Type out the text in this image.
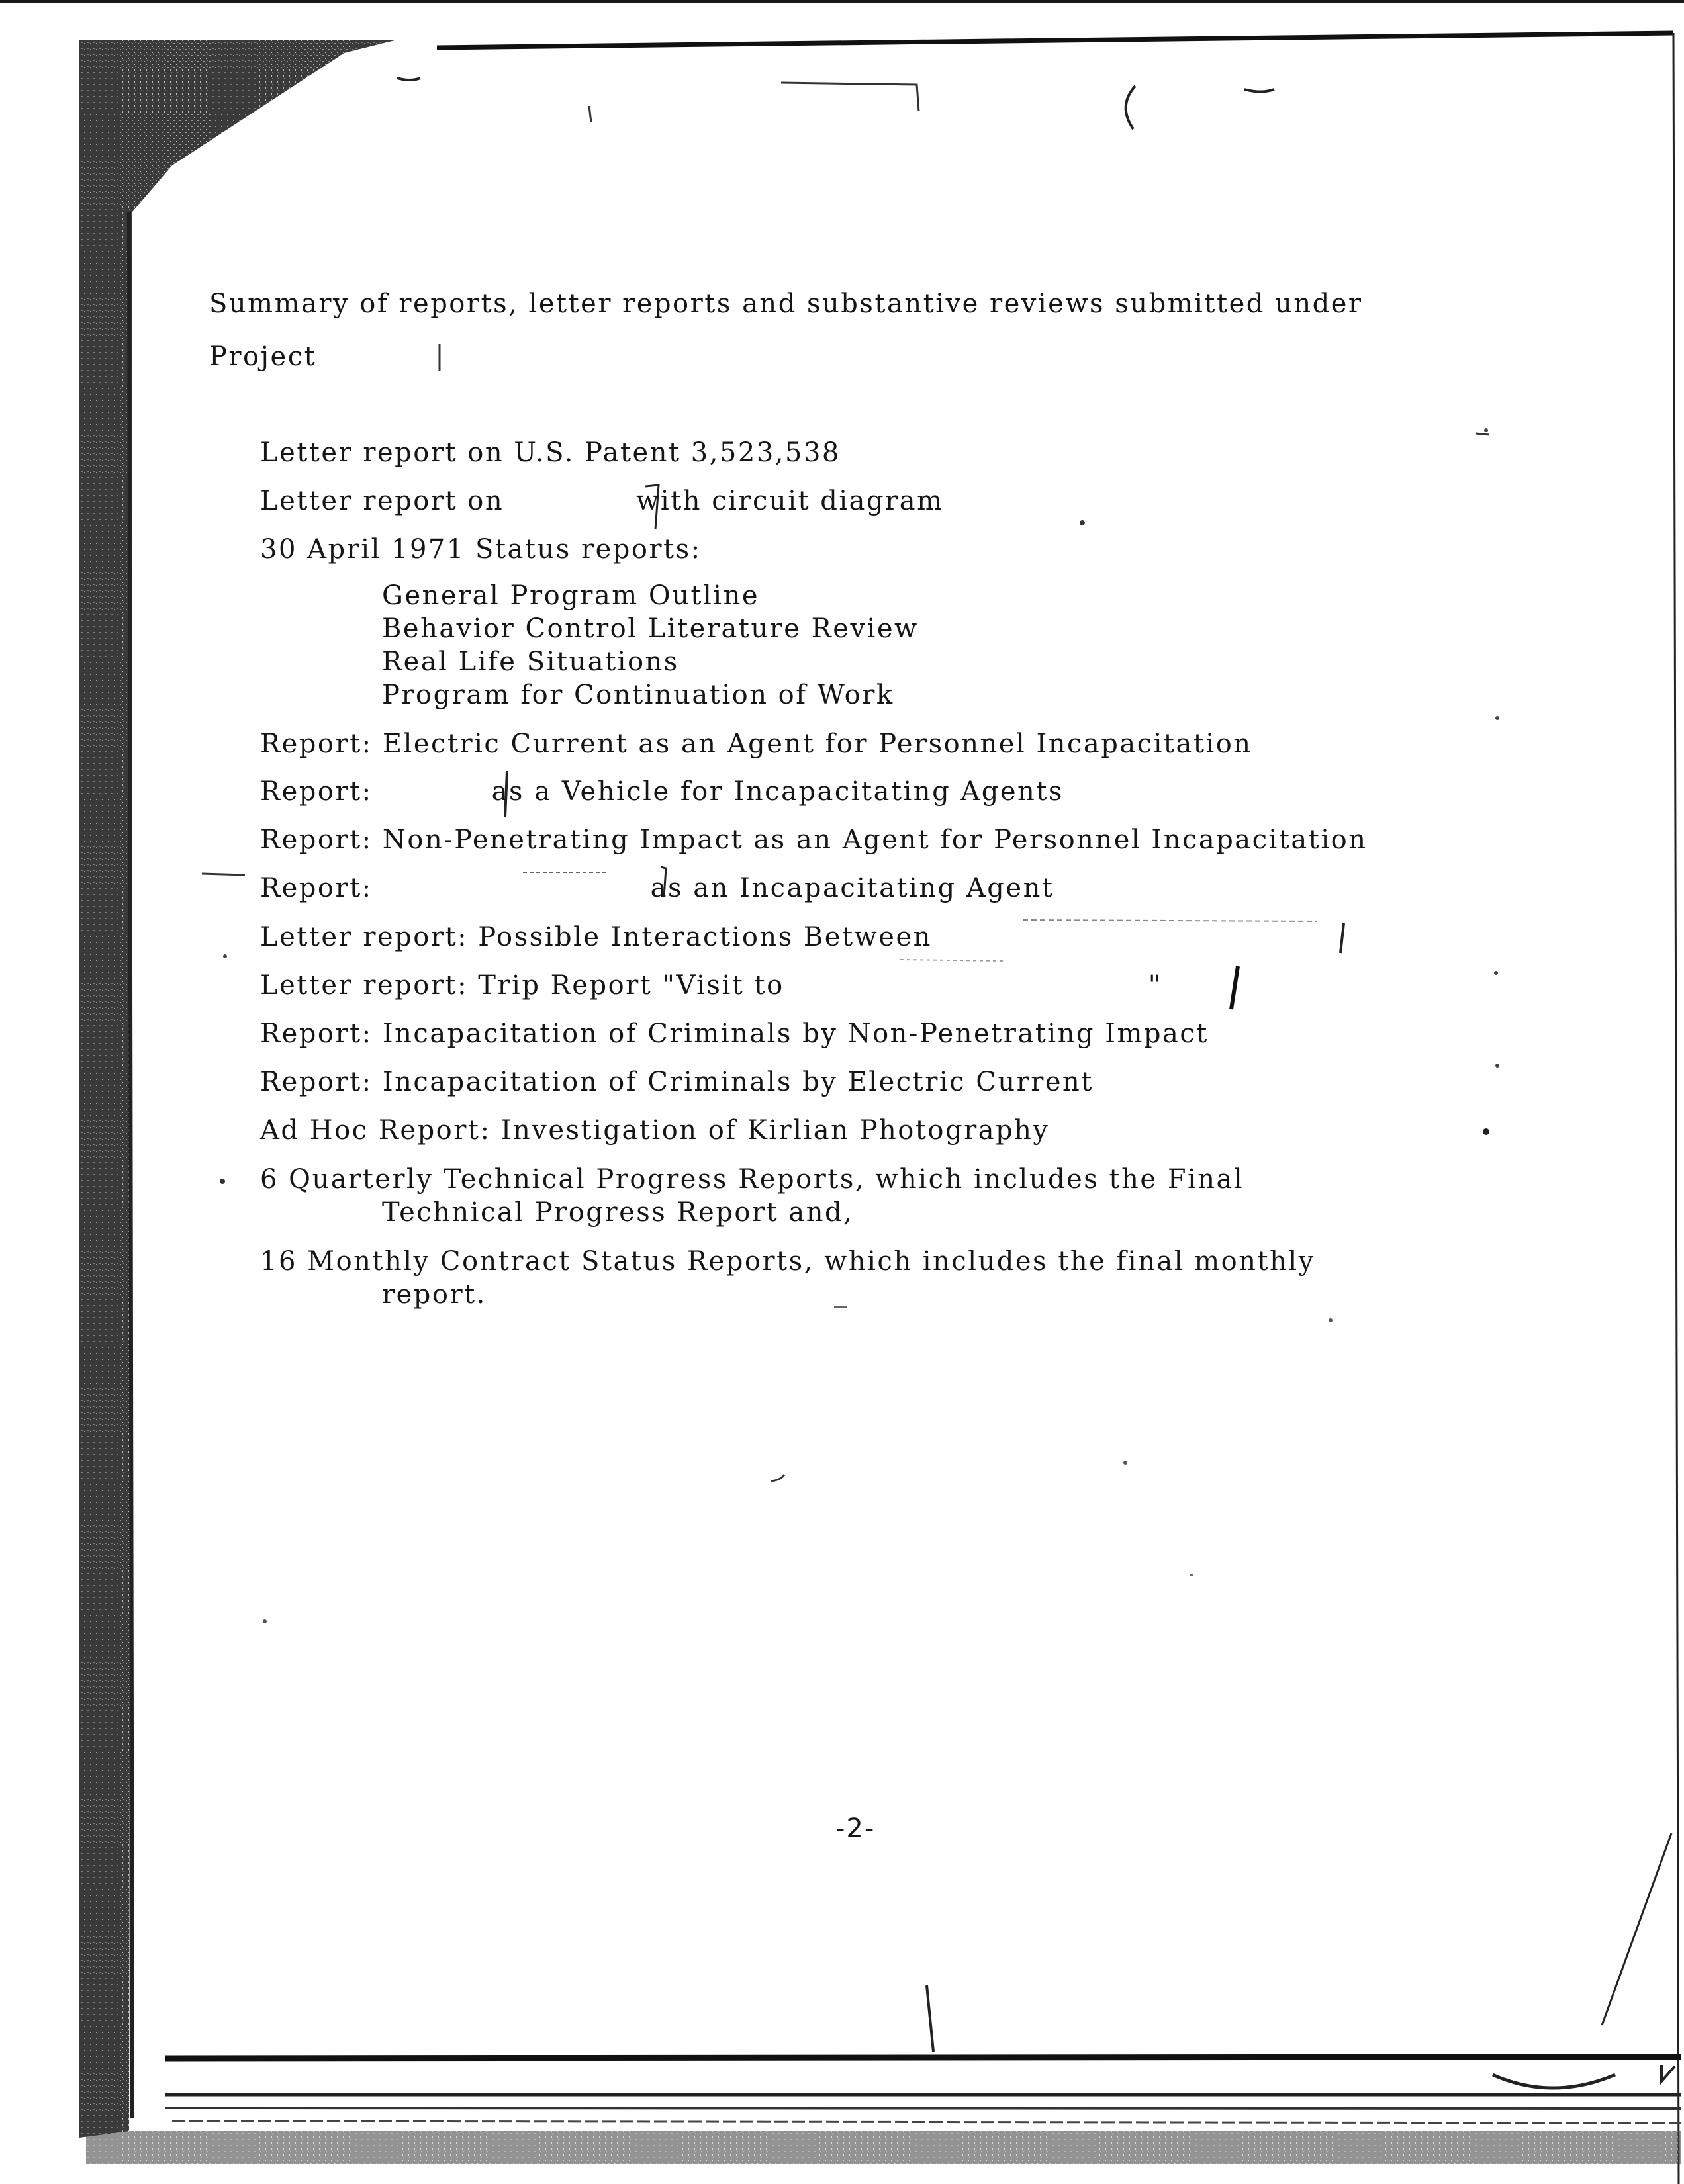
Summary of reports, letter reports and substantive reviews submitted under
Project
Letter report on U.S. Patent 3,523,538
Letter report on	with circuit diagram
30 April 1971 Status reports:
General Program Outline
Behavior Control Literature Review
Real Life Situations
Program for Continuation of Work
Report: Electric Current as an Agent for Personnel Incapacitation
Report:	as a Vehicle for Incapacitating Agents
Report: Non-Penetrating Impact as an Agent for Personnel Incapacitation
Report:	as an Incapacitating Agent
Letter report: Possible Interactions Between
Letter report: Trip Report "Visit to	"
Report: Incapacitation of Criminals by Non-Penetrating Impact
Report: Incapacitation of Criminals by Electric Current
Ad Hoc Report: Investigation of Kirlian Photography
6 Quarterly Technical Progress Reports, which includes the Final
Technical Progress Report and,
16 Monthly Contract Status Reports, which includes the final monthly
report.
-2-
